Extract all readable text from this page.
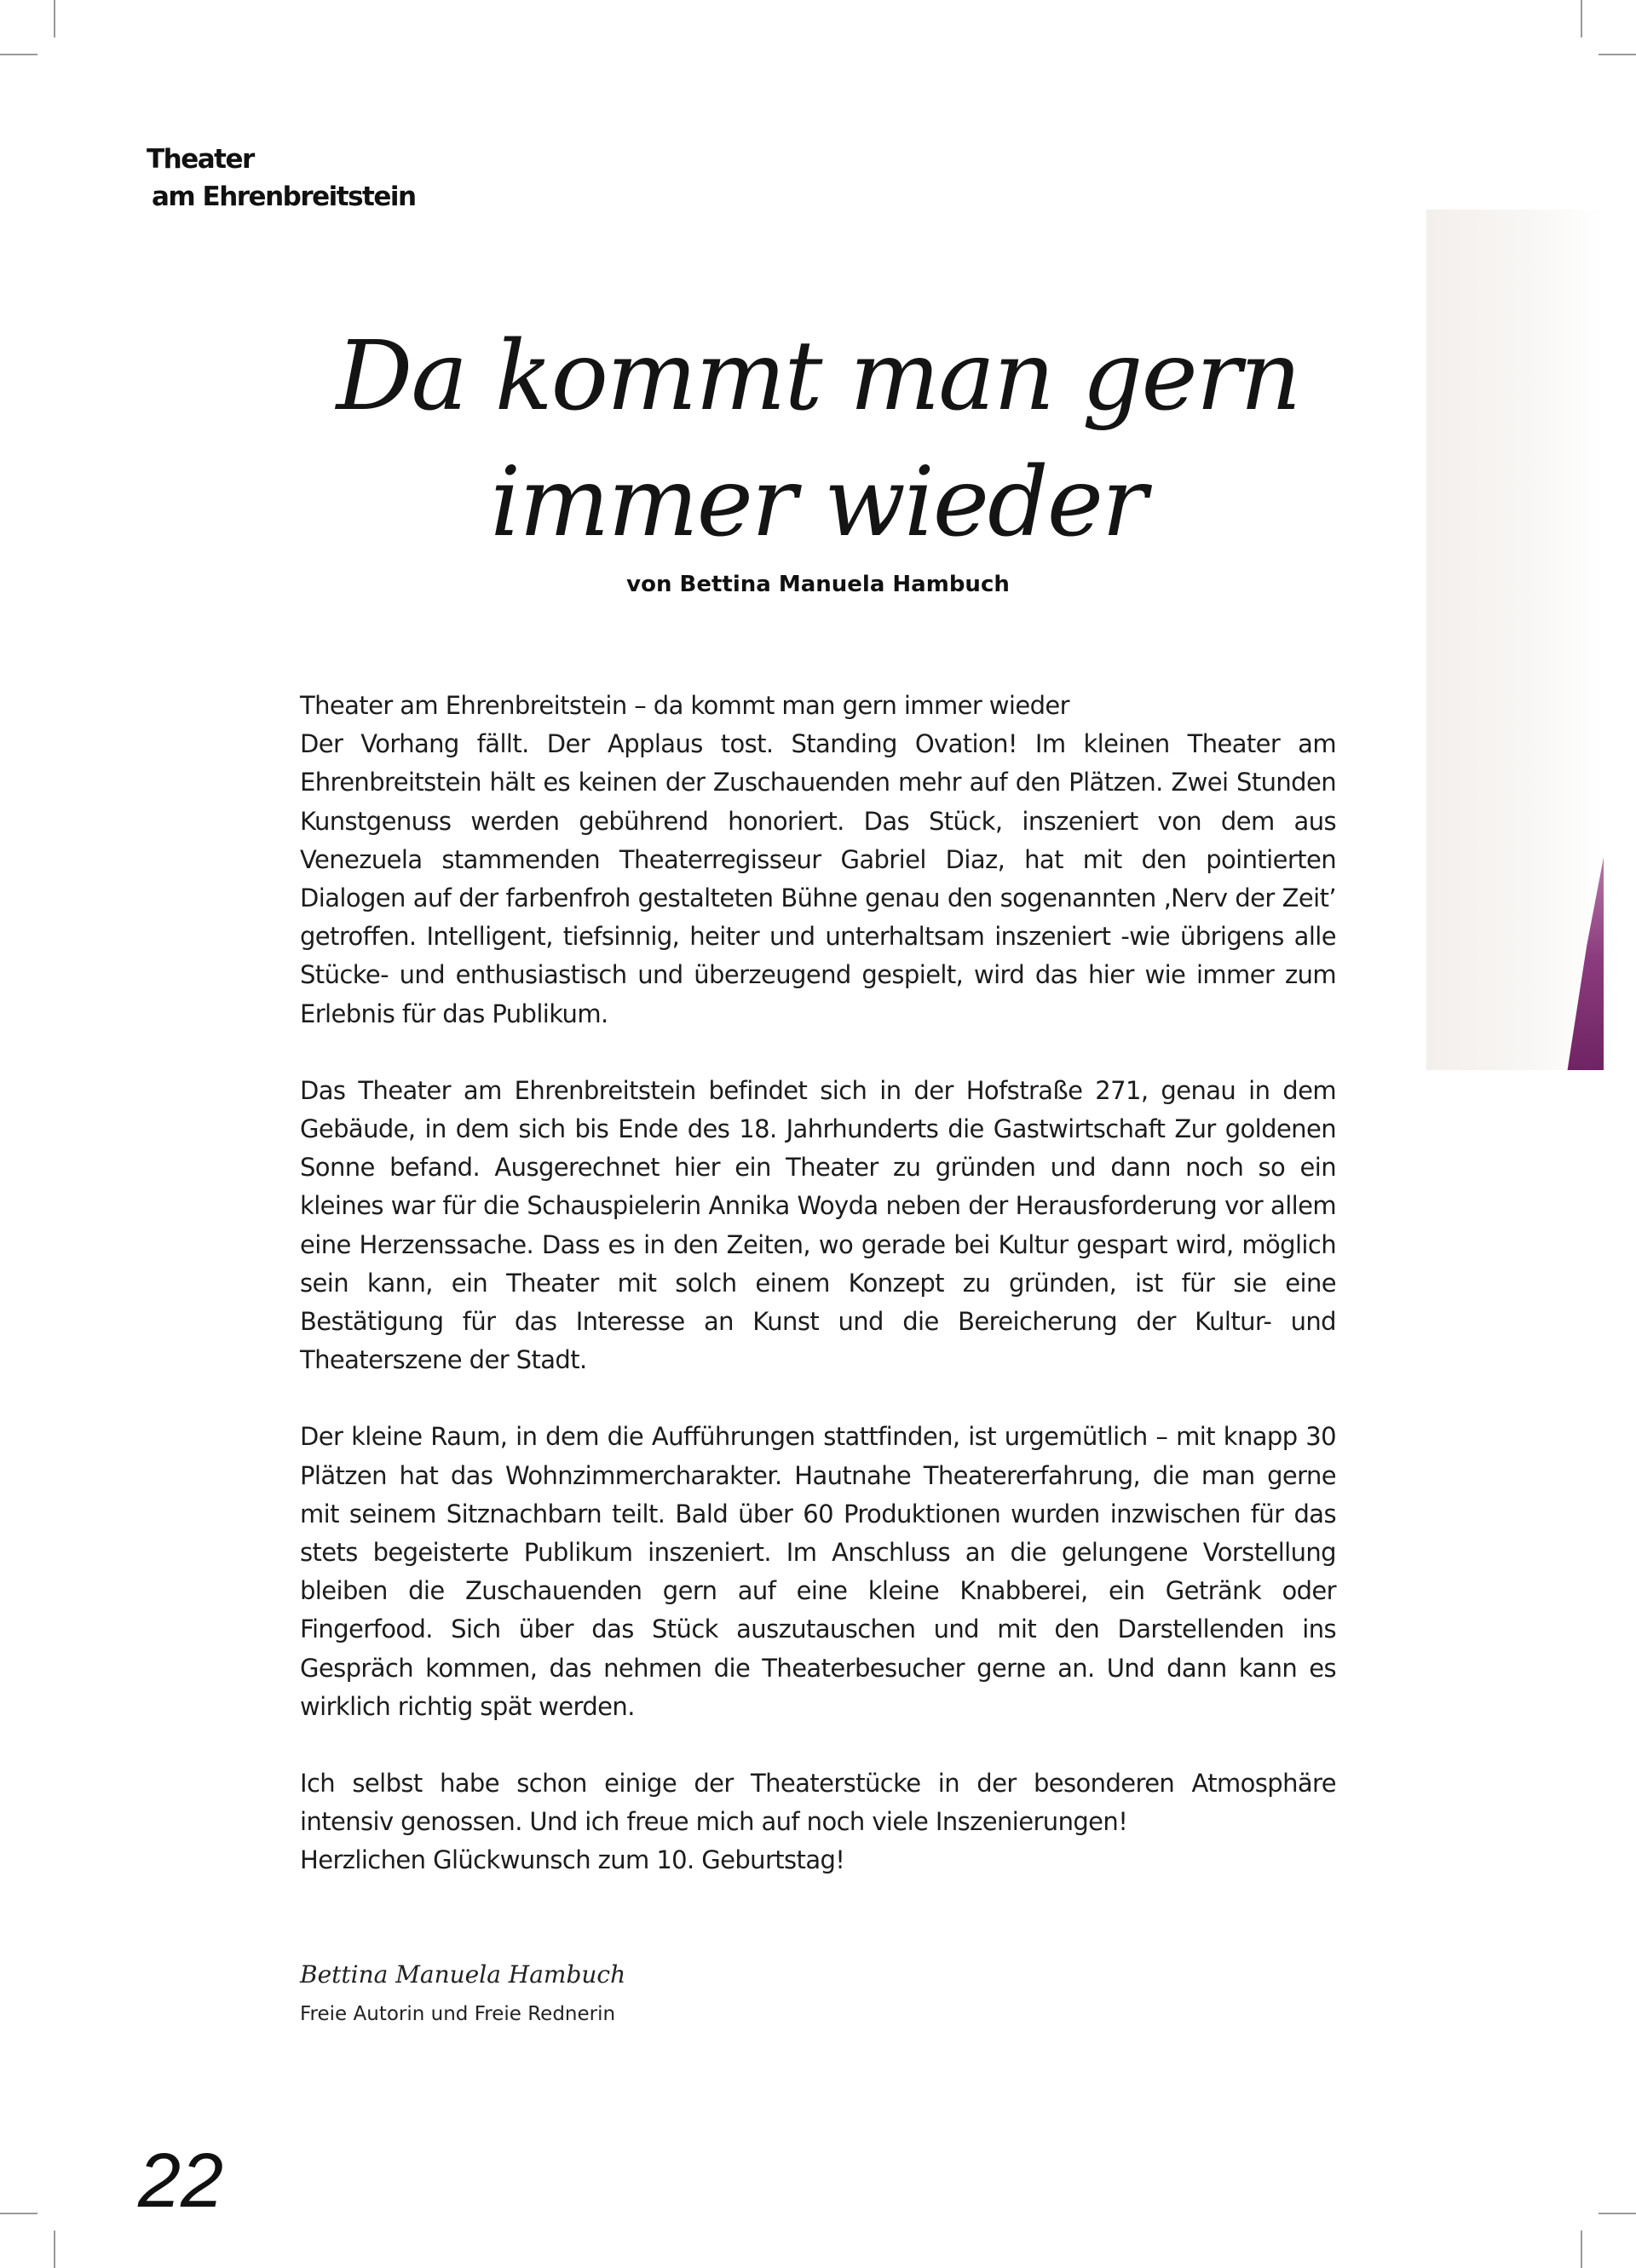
Theater
am Ehrenbreitstein
Da kommt man gern
immer wieder
von Bettina Manuela Hambuch

Theater am Ehrenbreitstein – da kommt man gern immer wieder
Der Vorhang fällt. Der Applaus tost. Standing Ovation! Im kleinen Theater am Ehrenbreitstein hält es keinen der Zuschauenden mehr auf den Plätzen. Zwei Stunden Kunstgenuss werden gebührend honoriert. Das Stück, inszeniert von dem aus Venezuela stammenden Theaterregisseur Gabriel Diaz, hat mit den pointierten Dialogen auf der farbenfroh gestalteten Bühne genau den sogenannten ‚Nerv der Zeit’ getroffen. Intelligent, tiefsinnig, heiter und unterhaltsam inszeniert -wie übrigens alle Stücke- und enthusiastisch und überzeugend gespielt, wird das hier wie immer zum Erlebnis für das Publikum.

Das Theater am Ehrenbreitstein befindet sich in der Hofstraße 271, genau in dem Gebäude, in dem sich bis Ende des 18. Jahrhunderts die Gastwirtschaft Zur goldenen Sonne befand. Ausgerechnet hier ein Theater zu gründen und dann noch so ein kleines war für die Schauspielerin Annika Woyda neben der Herausforderung vor allem eine Herzenssache. Dass es in den Zeiten, wo gerade bei Kultur gespart wird, möglich sein kann, ein Theater mit solch einem Konzept zu gründen, ist für sie eine Bestätigung für das Interesse an Kunst und die Bereicherung der Kultur- und Theaterszene der Stadt.

Der kleine Raum, in dem die Aufführungen stattfinden, ist urgemütlich – mit knapp 30 Plätzen hat das Wohnzimmercharakter. Hautnahe Theatererfahrung, die man gerne mit seinem Sitznachbarn teilt. Bald über 60 Produktionen wurden inzwischen für das stets begeisterte Publikum inszeniert. Im Anschluss an die gelungene Vorstellung bleiben die Zuschauenden gern auf eine kleine Knabberei, ein Getränk oder Fingerfood. Sich über das Stück auszutauschen und mit den Darstellenden ins Gespräch kommen, das nehmen die Theaterbesucher gerne an. Und dann kann es wirklich richtig spät werden.

Ich selbst habe schon einige der Theaterstücke in der besonderen Atmosphäre intensiv genossen. Und ich freue mich auf noch viele Inszenierungen!
Herzlichen Glückwunsch zum 10. Geburtstag!

Bettina Manuela Hambuch
Freie Autorin und Freie Rednerin
22
